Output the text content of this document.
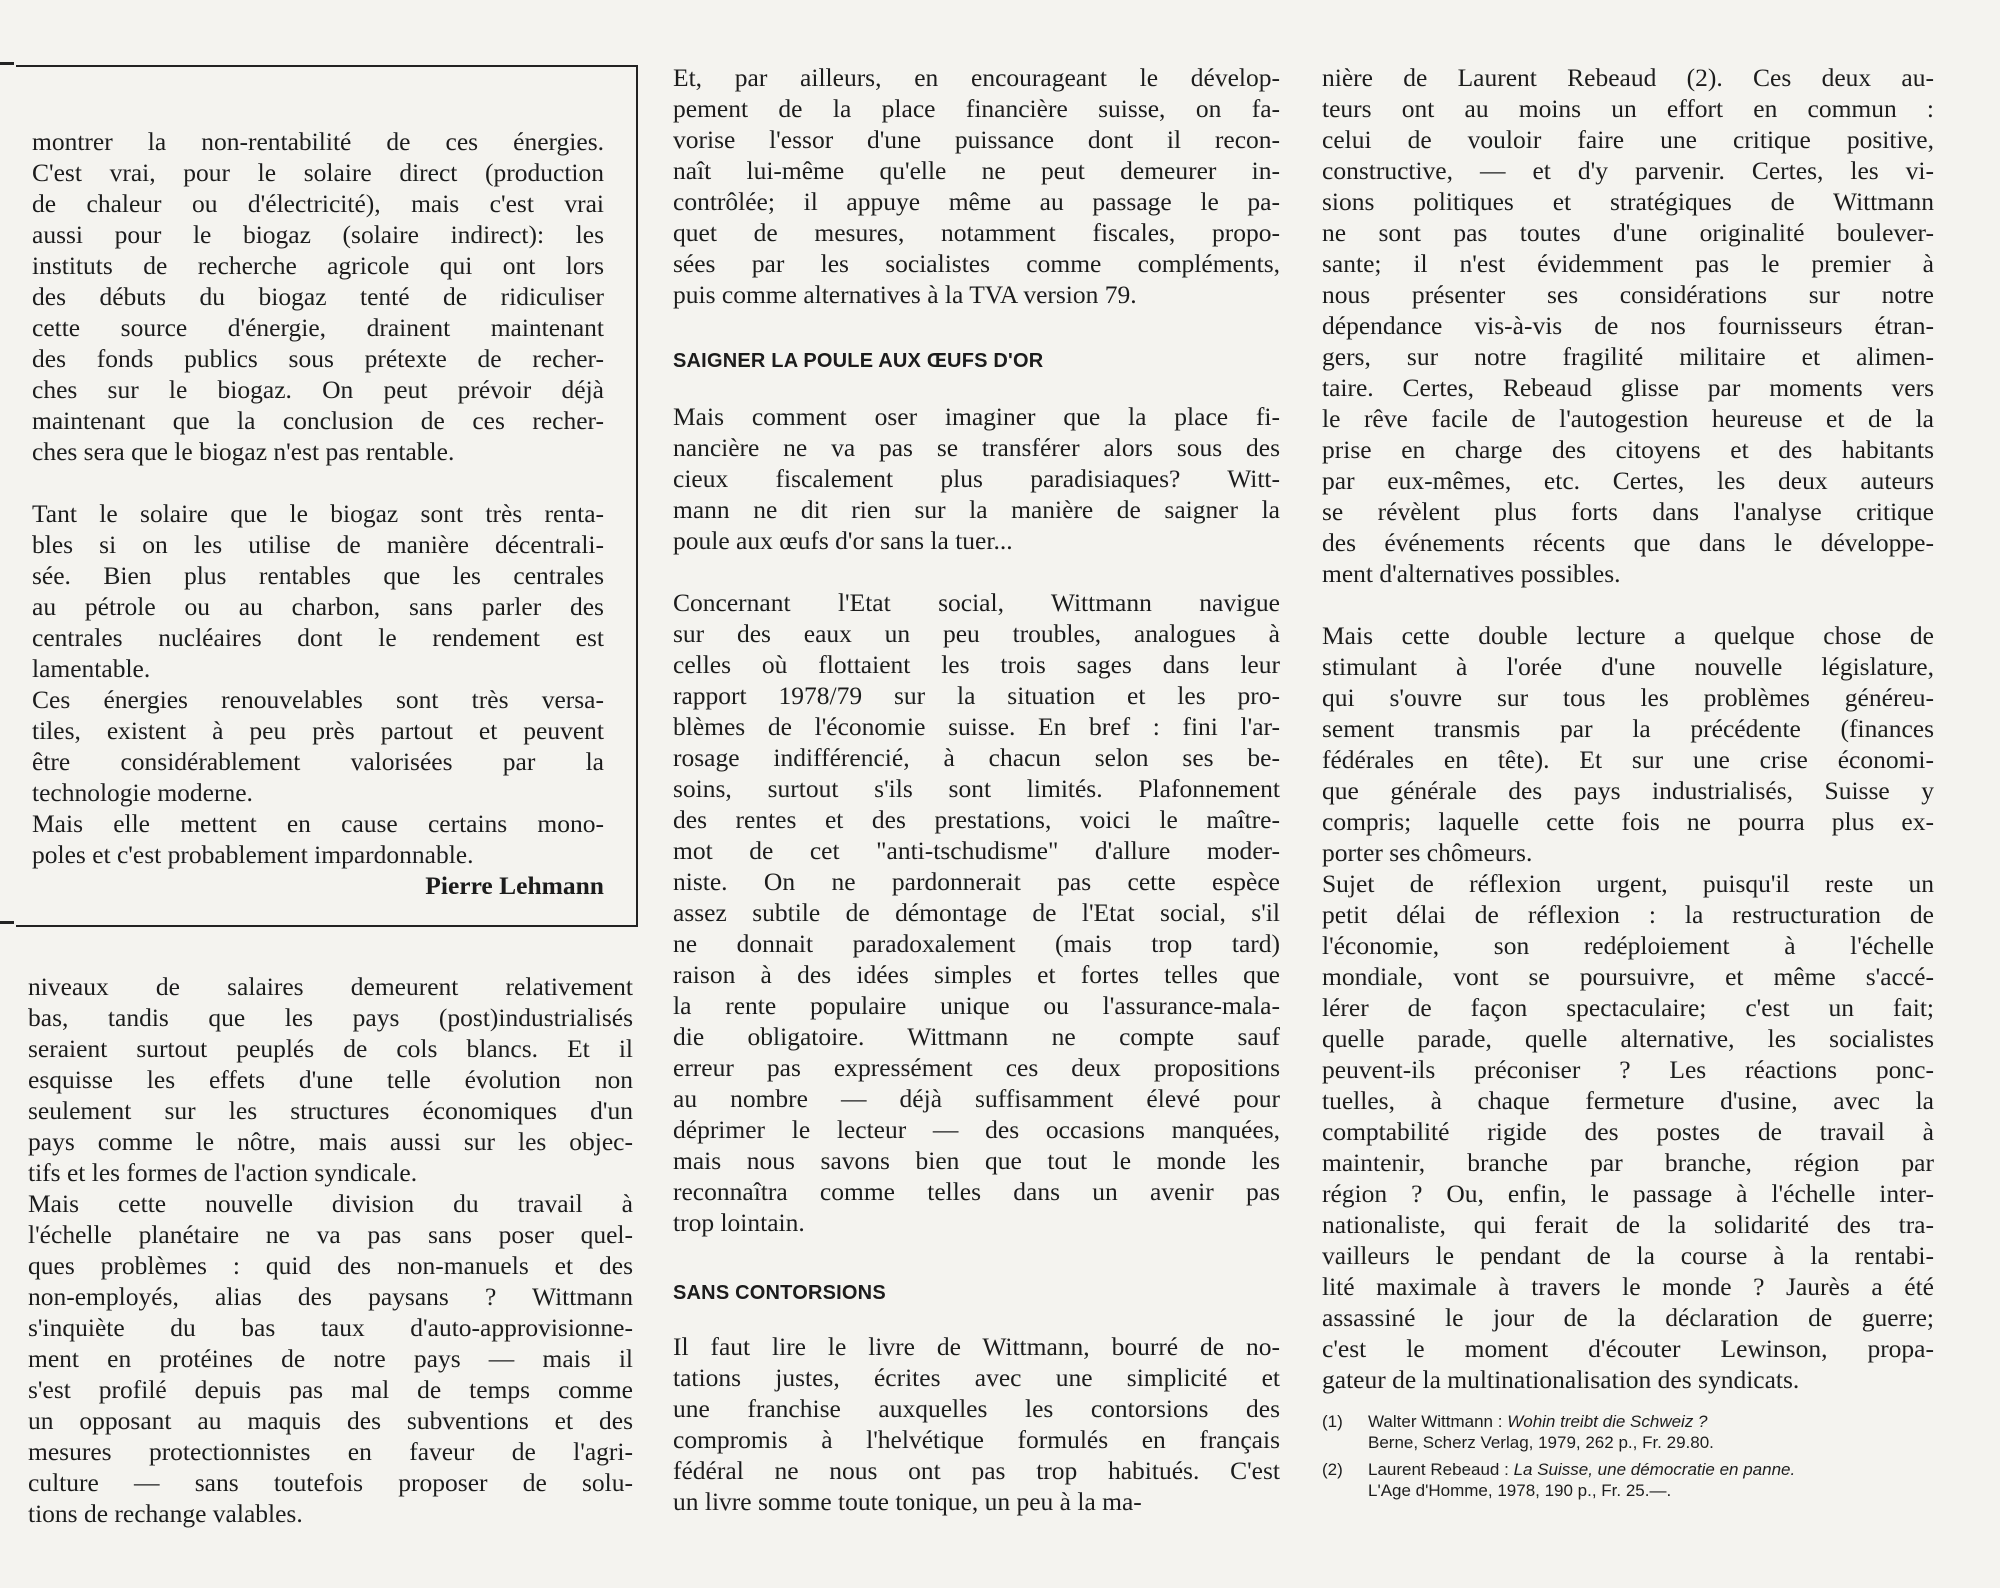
montrer la non-rentabilité de ces énergies.
C'est vrai, pour le solaire direct (production
de chaleur ou d'électricité), mais c'est vrai
aussi pour le biogaz (solaire indirect): les
instituts de recherche agricole qui ont lors
des débuts du biogaz tenté de ridiculiser
cette source d'énergie, drainent maintenant
des fonds publics sous prétexte de recher-
ches sur le biogaz. On peut prévoir déjà
maintenant que la conclusion de ces recher-
ches sera que le biogaz n'est pas rentable.
Tant le solaire que le biogaz sont très renta-
bles si on les utilise de manière décentrali-
sée. Bien plus rentables que les centrales
au pétrole ou au charbon, sans parler des
centrales nucléaires dont le rendement est
lamentable.
Ces énergies renouvelables sont très versa-
tiles, existent à peu près partout et peuvent
être considérablement valorisées par la
technologie moderne.
Mais elle mettent en cause certains mono-
poles et c'est probablement impardonnable.

Pierre Lehmann

niveaux de salaires demeurent relativement
bas, tandis que les pays (post)industrialisés
seraient surtout peuplés de cols blancs. Et il
esquisse les effets d'une telle évolution non
seulement sur les structures économiques d'un
pays comme le nôtre, mais aussi sur les objec-
tifs et les formes de l'action syndicale.
Mais cette nouvelle division du travail à
l'échelle planétaire ne va pas sans poser quel-
ques problèmes : quid des non-manuels et des
non-employés, alias des paysans ? Wittmann
s'inquiète du bas taux d'auto-approvisionne-
ment en protéines de notre pays — mais il
s'est profilé depuis pas mal de temps comme
un opposant au maquis des subventions et des
mesures protectionnistes en faveur de l'agri-
culture — sans toutefois proposer de solu-
tions de rechange valables.
Et, par ailleurs, en encourageant le dévelop-
pement de la place financière suisse, on fa-
vorise l'essor d'une puissance dont il recon-
naît lui-même qu'elle ne peut demeurer in-
contrôlée; il appuye même au passage le pa-
quet de mesures, notamment fiscales, propo-
sées par les socialistes comme compléments,
puis comme alternatives à la TVA version 79.

SAIGNER LA POULE AUX ŒUFS D'OR

Mais comment oser imaginer que la place fi-
nancière ne va pas se transférer alors sous des
cieux fiscalement plus paradisiaques? Witt-
mann ne dit rien sur la manière de saigner la
poule aux œufs d'or sans la tuer...
Concernant l'Etat social, Wittmann navigue
sur des eaux un peu troubles, analogues à
celles où flottaient les trois sages dans leur
rapport 1978/79 sur la situation et les pro-
blèmes de l'économie suisse. En bref : fini l'ar-
rosage indifférencié, à chacun selon ses be-
soins, surtout s'ils sont limités. Plafonnement
des rentes et des prestations, voici le maître-
mot de cet "anti-tschudisme" d'allure moder-
niste. On ne pardonnerait pas cette espèce
assez subtile de démontage de l'Etat social, s'il
ne donnait paradoxalement (mais trop tard)
raison à des idées simples et fortes telles que
la rente populaire unique ou l'assurance-mala-
die obligatoire. Wittmann ne compte sauf
erreur pas expressément ces deux propositions
au nombre — déjà suffisamment élevé pour
déprimer le lecteur — des occasions manquées,
mais nous savons bien que tout le monde les
reconnaîtra comme telles dans un avenir pas
trop lointain.

SANS CONTORSIONS

Il faut lire le livre de Wittmann, bourré de no-
tations justes, écrites avec une simplicité et
une franchise auxquelles les contorsions des
compromis à l'helvétique formulés en français
fédéral ne nous ont pas trop habitués. C'est
un livre somme toute tonique, un peu à la ma-
nière de Laurent Rebeaud (2). Ces deux au-
teurs ont au moins un effort en commun :
celui de vouloir faire une critique positive,
constructive, — et d'y parvenir. Certes, les vi-
sions politiques et stratégiques de Wittmann
ne sont pas toutes d'une originalité boulever-
sante; il n'est évidemment pas le premier à
nous présenter ses considérations sur notre
dépendance vis-à-vis de nos fournisseurs étran-
gers, sur notre fragilité militaire et alimen-
taire. Certes, Rebeaud glisse par moments vers
le rêve facile de l'autogestion heureuse et de la
prise en charge des citoyens et des habitants
par eux-mêmes, etc. Certes, les deux auteurs
se révèlent plus forts dans l'analyse critique
des événements récents que dans le développe-
ment d'alternatives possibles.
Mais cette double lecture a quelque chose de
stimulant à l'orée d'une nouvelle législature,
qui s'ouvre sur tous les problèmes généreu-
sement transmis par la précédente (finances
fédérales en tête). Et sur une crise économi-
que générale des pays industrialisés, Suisse y
compris; laquelle cette fois ne pourra plus ex-
porter ses chômeurs.
Sujet de réflexion urgent, puisqu'il reste un
petit délai de réflexion : la restructuration de
l'économie, son redéploiement à l'échelle
mondiale, vont se poursuivre, et même s'accé-
lérer de façon spectaculaire; c'est un fait;
quelle parade, quelle alternative, les socialistes
peuvent-ils préconiser ? Les réactions ponc-
tuelles, à chaque fermeture d'usine, avec la
comptabilité rigide des postes de travail à
maintenir, branche par branche, région par
région ? Ou, enfin, le passage à l'échelle inter-
nationaliste, qui ferait de la solidarité des tra-
vailleurs le pendant de la course à la rentabi-
lité maximale à travers le monde ? Jaurès a été
assassiné le jour de la déclaration de guerre;
c'est le moment d'écouter Lewinson, propa-
gateur de la multinationalisation des syndicats.
(1)	Walter Wittmann : Wohin treibt die Schweiz ?
Berne, Scherz Verlag, 1979, 262 p., Fr. 29.80.
(2)	Laurent Rebeaud : La Suisse, une démocratie en panne.
L'Age d'Homme, 1978, 190 p., Fr. 25.—.
